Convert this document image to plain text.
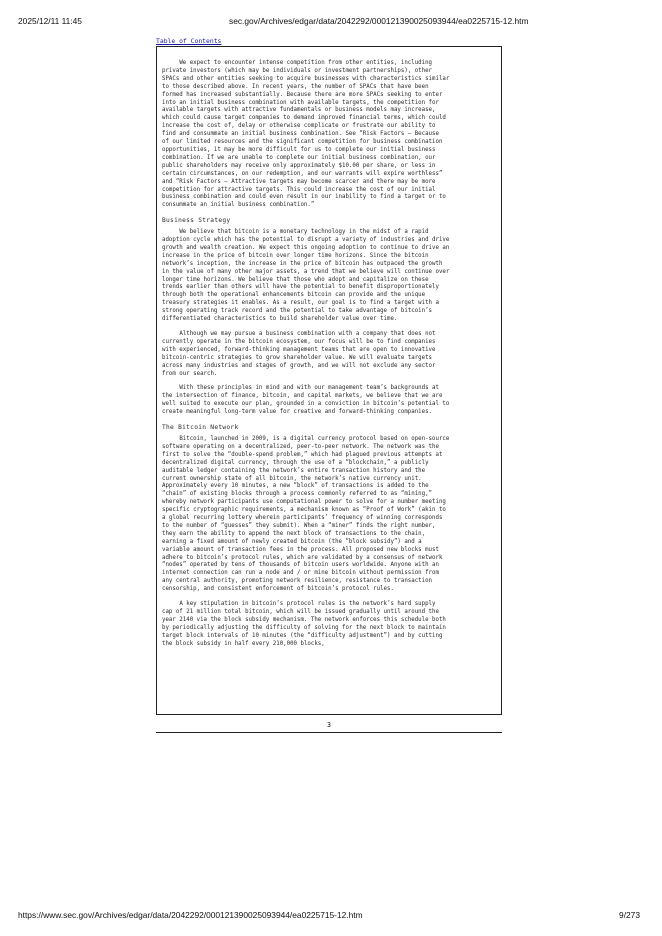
2025/12/11 11:45	sec.gov/Archives/edgar/data/2042292/000121390025093944/ea0225715-12.htm
Table of Contents

We expect to encounter intense competition from other entities, including
private investors (which may be individuals or investment partnerships), other
SPACs and other entities seeking to acquire businesses with characteristics similar
to those described above. In recent years, the number of SPACs that have been
formed has increased substantially. Because there are more SPACs seeking to enter
into an initial business combination with available targets, the competition for
available targets with attractive fundamentals or business models may increase,
which could cause target companies to demand improved financial terms, which could
increase the cost of, delay or otherwise complicate or frustrate our ability to
find and consummate an initial business combination. See “Risk Factors — Because
of our limited resources and the significant competition for business combination
opportunities, it may be more difficult for us to complete our initial business
combination. If we are unable to complete our initial business combination, our
public shareholders may receive only approximately $10.00 per share, or less in
certain circumstances, on our redemption, and our warrants will expire worthless”
and “Risk Factors — Attractive targets may become scarcer and there may be more
competition for attractive targets. This could increase the cost of our initial
business combination and could even result in our inability to find a target or to
consummate an initial business combination.”

Business Strategy

We believe that bitcoin is a monetary technology in the midst of a rapid
adoption cycle which has the potential to disrupt a variety of industries and drive
growth and wealth creation. We expect this ongoing adoption to continue to drive an
increase in the price of bitcoin over longer time horizons. Since the bitcoin
network’s inception, the increase in the price of bitcoin has outpaced the growth
in the value of many other major assets, a trend that we believe will continue over
longer time horizons. We believe that those who adopt and capitalize on these
trends earlier than others will have the potential to benefit disproportionately
through both the operational enhancements bitcoin can provide and the unique
treasury strategies it enables. As a result, our goal is to find a target with a
strong operating track record and the potential to take advantage of bitcoin’s
differentiated characteristics to build shareholder value over time.

Although we may pursue a business combination with a company that does not
currently operate in the bitcoin ecosystem, our focus will be to find companies
with experienced, forward-thinking management teams that are open to innovative
bitcoin-centric strategies to grow shareholder value. We will evaluate targets
across many industries and stages of growth, and we will not exclude any sector
from our search.

With these principles in mind and with our management team’s backgrounds at
the intersection of finance, bitcoin, and capital markets, we believe that we are
well suited to execute our plan, grounded in a conviction in bitcoin’s potential to
create meaningful long-term value for creative and forward-thinking companies.

The Bitcoin Network

Bitcoin, launched in 2009, is a digital currency protocol based on open-source
software operating on a decentralized, peer-to-peer network. The network was the
first to solve the “double-spend problem,” which had plagued previous attempts at
decentralized digital currency, through the use of a “blockchain,” a publicly
auditable ledger containing the network’s entire transaction history and the
current ownership state of all bitcoin, the network’s native currency unit.
Approximately every 10 minutes, a new “block” of transactions is added to the
“chain” of existing blocks through a process commonly referred to as “mining,”
whereby network participants use computational power to solve for a number meeting
specific cryptographic requirements, a mechanism known as “Proof of Work” (akin to
a global recurring lottery wherein participants’ frequency of winning corresponds
to the number of “guesses” they submit). When a “miner” finds the right number,
they earn the ability to append the next block of transactions to the chain,
earning a fixed amount of newly created bitcoin (the “block subsidy”) and a
variable amount of transaction fees in the process. All proposed new blocks must
adhere to bitcoin’s protocol rules, which are validated by a consensus of network
“nodes” operated by tens of thousands of bitcoin users worldwide. Anyone with an
internet connection can run a node and / or mine bitcoin without permission from
any central authority, promoting network resilience, resistance to transaction
censorship, and consistent enforcement of bitcoin’s protocol rules.

A key stipulation in bitcoin’s protocol rules is the network’s hard supply
cap of 21 million total bitcoin, which will be issued gradually until around the
year 2140 via the block subsidy mechanism. The network enforces this schedule both
by periodically adjusting the difficulty of solving for the next block to maintain
target block intervals of 10 minutes (the “difficulty adjustment”) and by cutting
the block subsidy in half every 210,000 blocks,

3
https://www.sec.gov/Archives/edgar/data/2042292/000121390025093944/ea0225715-12.htm	9/273
